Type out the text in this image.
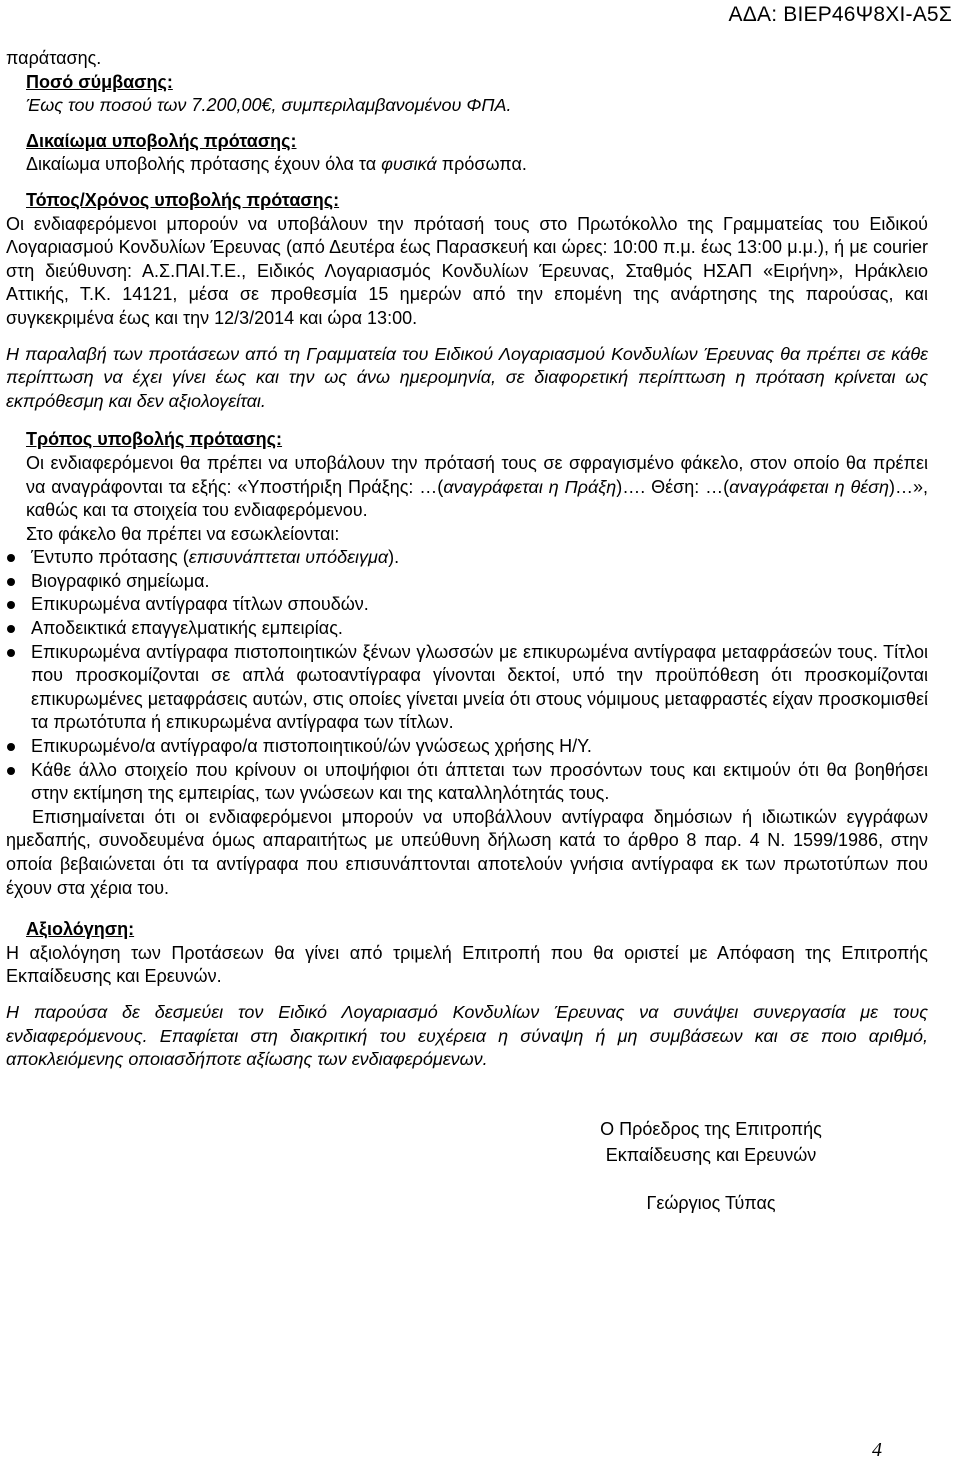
ΑΔΑ: ΒΙΕΡ46Ψ8ΧΙ-Α5Σ

παράτασης.

Ποσό σύμβασης:

Έως του ποσού των 7.200,00€, συμπεριλαμβανομένου ΦΠΑ.

Δικαίωμα υποβολής πρότασης:

Δικαίωμα υποβολής πρότασης έχουν όλα τα φυσικά πρόσωπα.

Τόπος/Χρόνος υποβολής πρότασης:

Οι ενδιαφερόμενοι μπορούν να υποβάλουν την πρότασή τους στο Πρωτόκολλο της Γραμματείας του Ειδικού Λογαριασμού Κονδυλίων Έρευνας (από Δευτέρα έως Παρασκευή και ώρες: 10:00 π.μ. έως 13:00 μ.μ.), ή με courier στη διεύθυνση: Α.Σ.ΠΑΙ.Τ.Ε., Ειδικός Λογαριασμός Κονδυλίων Έρευνας, Σταθμός ΗΣΑΠ «Ειρήνη», Ηράκλειο Αττικής, Τ.Κ. 14121, μέσα σε προθεσμία 15 ημερών από την επομένη της ανάρτησης της παρούσας, και συγκεκριμένα έως και την 12/3/2014 και ώρα 13:00.

Η παραλαβή των προτάσεων από τη Γραμματεία του Ειδικού Λογαριασμού Κονδυλίων Έρευνας θα πρέπει σε κάθε περίπτωση να έχει γίνει έως και την ως άνω ημερομηνία, σε διαφορετική περίπτωση η πρόταση κρίνεται ως εκπρόθεσμη και δεν αξιολογείται.

Τρόπος υποβολής πρότασης:

Οι ενδιαφερόμενοι θα πρέπει να υποβάλουν την πρότασή τους σε σφραγισμένο φάκελο, στον οποίο θα πρέπει να αναγράφονται τα εξής: «Υποστήριξη Πράξης: …(αναγράφεται η Πράξη)…. Θέση: …(αναγράφεται η θέση)…», καθώς και τα στοιχεία του ενδιαφερόμενου.

Στο φάκελο θα πρέπει να εσωκλείονται:

Έντυπο πρότασης (επισυνάπτεται υπόδειγμα).
Βιογραφικό σημείωμα.
Επικυρωμένα αντίγραφα τίτλων σπουδών.
Αποδεικτικά επαγγελματικής εμπειρίας.
Επικυρωμένα αντίγραφα πιστοποιητικών ξένων γλωσσών με επικυρωμένα αντίγραφα μεταφράσεών τους. Τίτλοι που προσκομίζονται σε απλά φωτοαντίγραφα γίνονται δεκτοί, υπό την προϋπόθεση ότι προσκομίζονται επικυρωμένες μεταφράσεις αυτών, στις οποίες γίνεται μνεία ότι στους νόμιμους μεταφραστές είχαν προσκομισθεί τα πρωτότυπα ή επικυρωμένα αντίγραφα των τίτλων.
Επικυρωμένο/α αντίγραφο/α πιστοποιητικού/ών γνώσεως χρήσης Η/Υ.
Κάθε άλλο στοιχείο που κρίνουν οι υποψήφιοι ότι άπτεται των προσόντων τους και εκτιμούν ότι θα βοηθήσει στην εκτίμηση της εμπειρίας, των γνώσεων και της καταλληλότητάς τους.

Επισημαίνεται ότι οι ενδιαφερόμενοι μπορούν να υποβάλλουν αντίγραφα δημόσιων ή ιδιωτικών εγγράφων ημεδαπής, συνοδευμένα όμως απαραιτήτως με υπεύθυνη δήλωση κατά το άρθρο 8 παρ. 4 Ν. 1599/1986, στην οποία βεβαιώνεται ότι τα αντίγραφα που επισυνάπτονται αποτελούν γνήσια αντίγραφα εκ των πρωτοτύπων που έχουν στα χέρια του.

Αξιολόγηση:

Η αξιολόγηση των Προτάσεων θα γίνει από τριμελή Επιτροπή που θα οριστεί με Απόφαση της Επιτροπής Εκπαίδευσης και Ερευνών.

Η παρούσα δε δεσμεύει τον Ειδικό Λογαριασμό Κονδυλίων Έρευνας να συνάψει συνεργασία με τους ενδιαφερόμενους. Επαφίεται στη διακριτική του ευχέρεια η σύναψη ή μη συμβάσεων και σε ποιο αριθμό, αποκλειόμενης οποιασδήποτε αξίωσης των ενδιαφερόμενων.

Ο Πρόεδρος της Επιτροπής
Εκπαίδευσης και Ερευνών
Γεώργιος Τύπας
4
